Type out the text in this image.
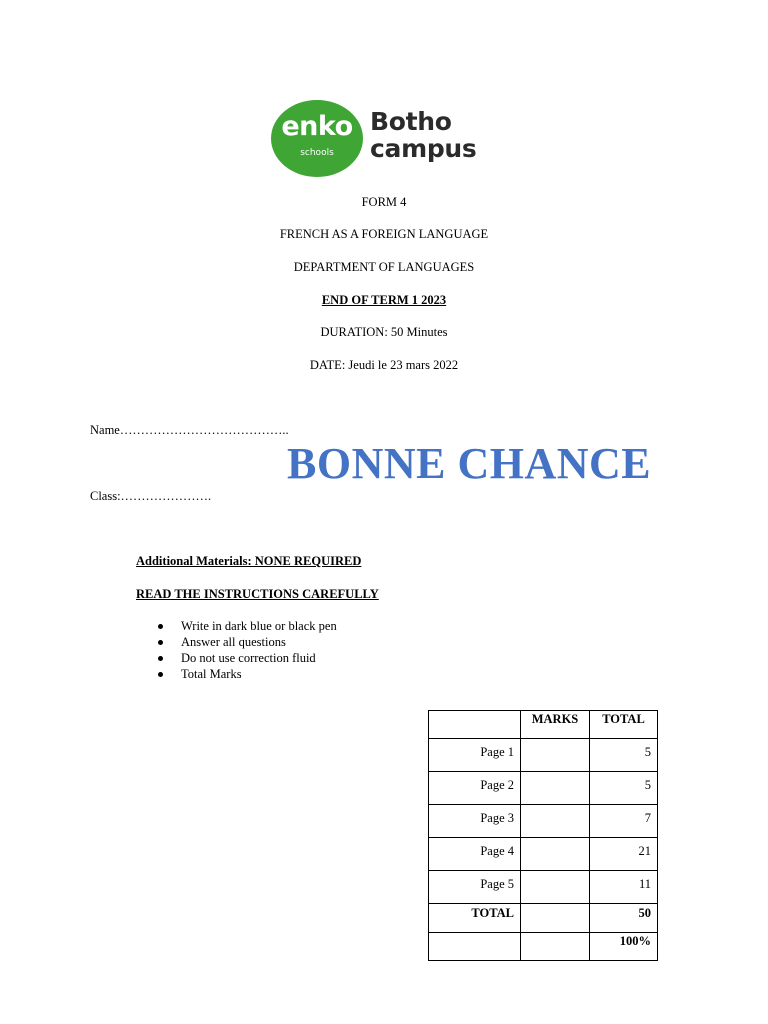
enko
schools
Botho
campus
FORM 4
FRENCH AS A FOREIGN LANGUAGE
DEPARTMENT OF LANGUAGES
END OF TERM 1 2023
DURATION: 50 Minutes
DATE: Jeudi le 23 mars 2022
Name…………………………………..
BONNE CHANCE
Class:………………….
Additional Materials: NONE REQUIRED
READ THE INSTRUCTIONS CAREFULLY
Write in dark blue or black pen
Answer all questions
Do not use correction fluid
Total Marks
	MARKS	TOTAL
Page 1		5
Page 2		5
Page 3		7
Page 4		21
Page 5		11
TOTAL		50
		100%
